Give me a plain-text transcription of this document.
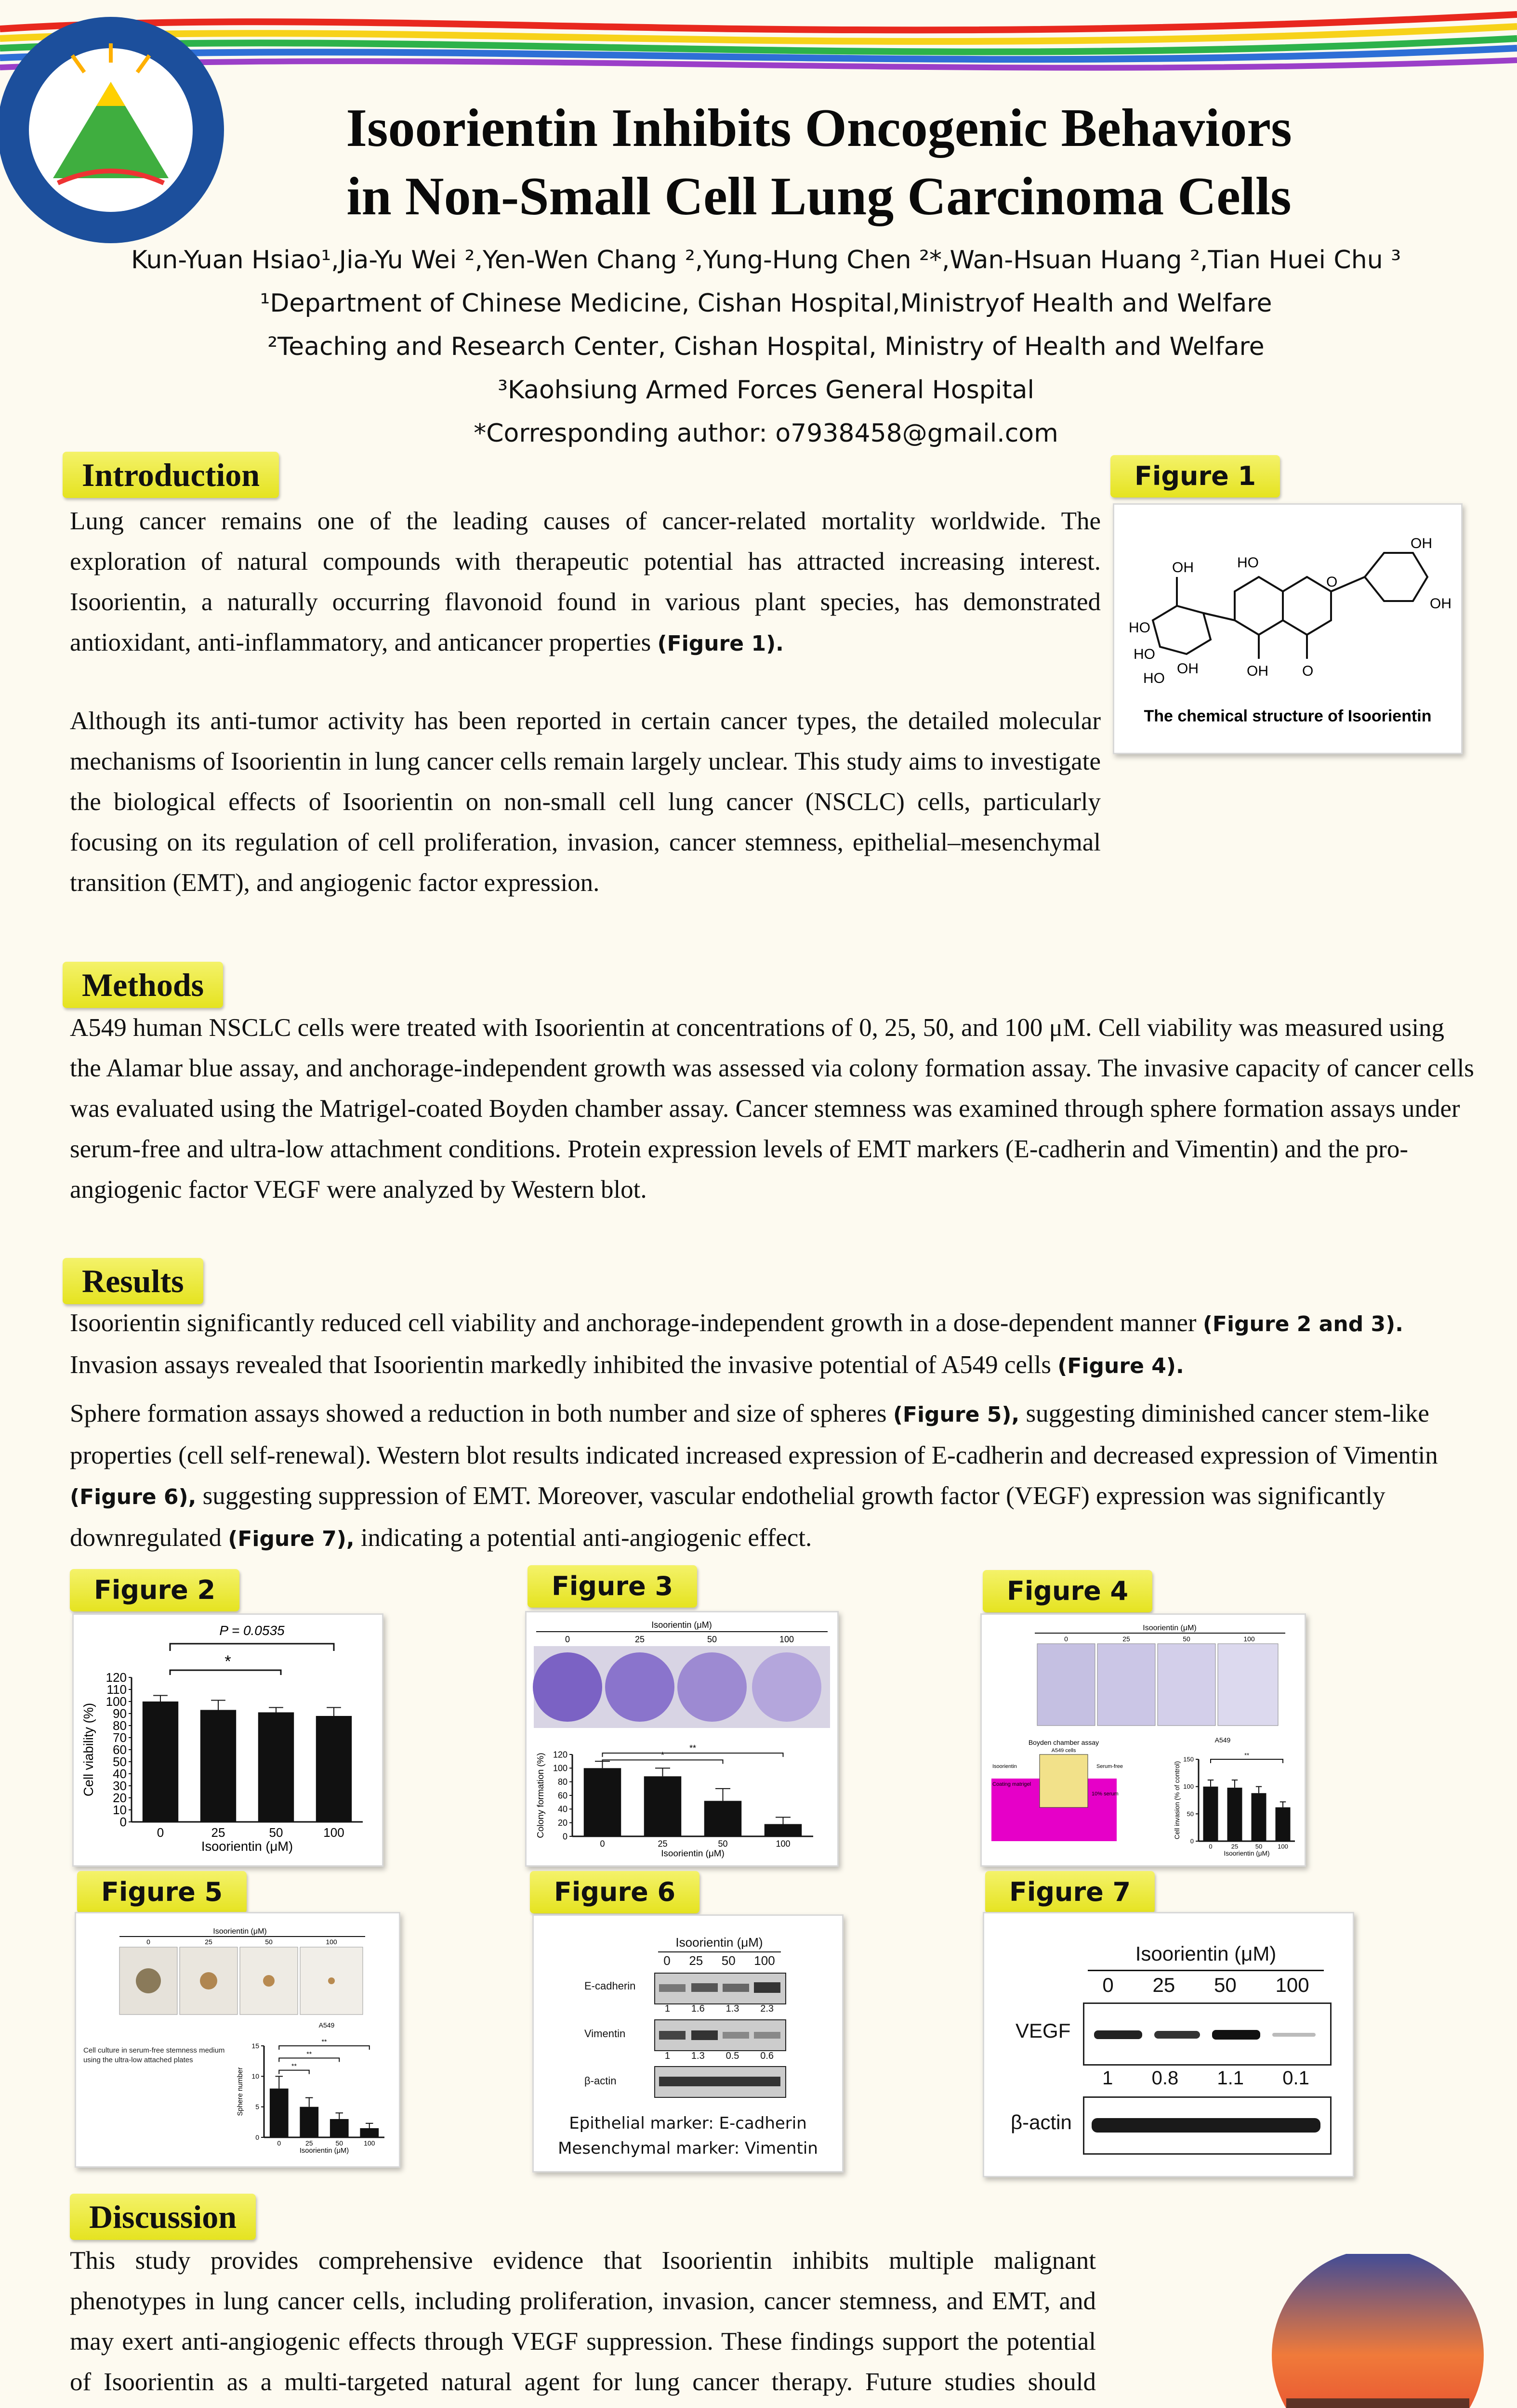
Isoorientin Inhibits Oncogenic Behaviors
in Non-Small Cell Lung Carcinoma Cells
Kun-Yuan Hsiao¹,Jia-Yu Wei ²,Yen-Wen Chang ²,Yung-Hung Chen ²*,Wan-Hsuan Huang ²,Tian Huei Chu ³
¹Department of Chinese Medicine, Cishan Hospital,Ministryof Health and Welfare
²Teaching and Research Center, Cishan Hospital, Ministry of Health and Welfare
³Kaohsiung Armed Forces General Hospital
*Corresponding author: o7938458@gmail.com
Introduction
Lung cancer remains one of the leading causes of cancer-related mortality worldwide. The exploration of natural compounds with therapeutic potential has attracted increasing interest. Isoorientin, a naturally occurring flavonoid found in various plant species, has demonstrated antioxidant, anti-inflammatory, and anticancer properties (Figure 1).
Although its anti-tumor activity has been reported in certain cancer types, the detailed molecular mechanisms of Isoorientin in lung cancer cells remain largely unclear. This study aims to investigate the biological effects of Isoorientin on non-small cell lung cancer (NSCLC) cells, particularly focusing on its regulation of cell proliferation, invasion, cancer stemness, epithelial–mesenchymal transition (EMT), and angiogenic factor expression.
Figure 1
OH
OH
HO
OH
HO
O
HO
OH
HO	OH O
The chemical structure of Isoorientin
Methods
A549 human NSCLC cells were treated with Isoorientin at concentrations of 0, 25, 50, and 100 μM. Cell viability was measured using the Alamar blue assay, and anchorage-independent growth was assessed via colony formation assay. The invasive capacity of cancer cells was evaluated using the Matrigel-coated Boyden chamber assay. Cancer stemness was examined through sphere formation assays under serum-free and ultra-low attachment conditions. Protein expression levels of EMT markers (E-cadherin and Vimentin) and the pro-angiogenic factor VEGF were analyzed by Western blot.
Results
Isoorientin significantly reduced cell viability and anchorage-independent growth in a dose-dependent manner (Figure 2 and 3). Invasion assays revealed that Isoorientin markedly inhibited the invasive potential of A549 cells (Figure 4).
Sphere formation assays showed a reduction in both number and size of spheres (Figure 5), suggesting diminished cancer stem-like properties (cell self-renewal). Western blot results indicated increased expression of E-cadherin and decreased expression of Vimentin (Figure 6), suggesting suppression of EMT. Moreover, vascular endothelial growth factor (VEGF) expression was significantly downregulated (Figure 7), indicating a potential anti-angiogenic effect.
Figure 2
P = 0.0535
*
0
10
20
30
40
50
60
70
80
90
100
110
120
0	25	50	100
Isoorientin (μM)
Cell viability (%)
Figure 3
Isoorientin (μM)
0	25	50	100
0
20
40
60
80
100
120
0	25	50	100
Isoorientin (μM)
Colony formation (%)	*
**
Figure 4
Isoorientin (μM)
0	25	50	100
Boyden chamber assay
A549 cells
Serum-free
Isoorientin
Coating matrigel
10% serum
A549
0
50
100
150
0	25	50 100
Isoorientin (μM)
Cell invasion (% of control)
**
Figure 5
Isoorientin (μM)
0	25	50	100
A549
Cell culture in serum-free stemness medium using the ultra-low attached plates
0
5
10
15
0	25	50	100
Isoorientin (μM)
Sphere number
**
**
**
Figure 6
Isoorientin (μM)
0 25 50 100
E-cadherin
1 1.6 1.3 2.3
Vimentin
1 1.3 0.5 0.6
β-actin
Epithelial marker: E-cadherin
Mesenchymal marker: Vimentin
Figure 7
Isoorientin (μM)
0 25 50 100
VEGF
1 0.8 1.1 0.1
β-actin
Discussion
This study provides comprehensive evidence that Isoorientin inhibits multiple malignant phenotypes in lung cancer cells, including proliferation, invasion, cancer stemness, and EMT, and may exert anti-angiogenic effects through VEGF suppression. These findings support the potential of Isoorientin as a multi-targeted natural agent for lung cancer therapy. Future studies should
